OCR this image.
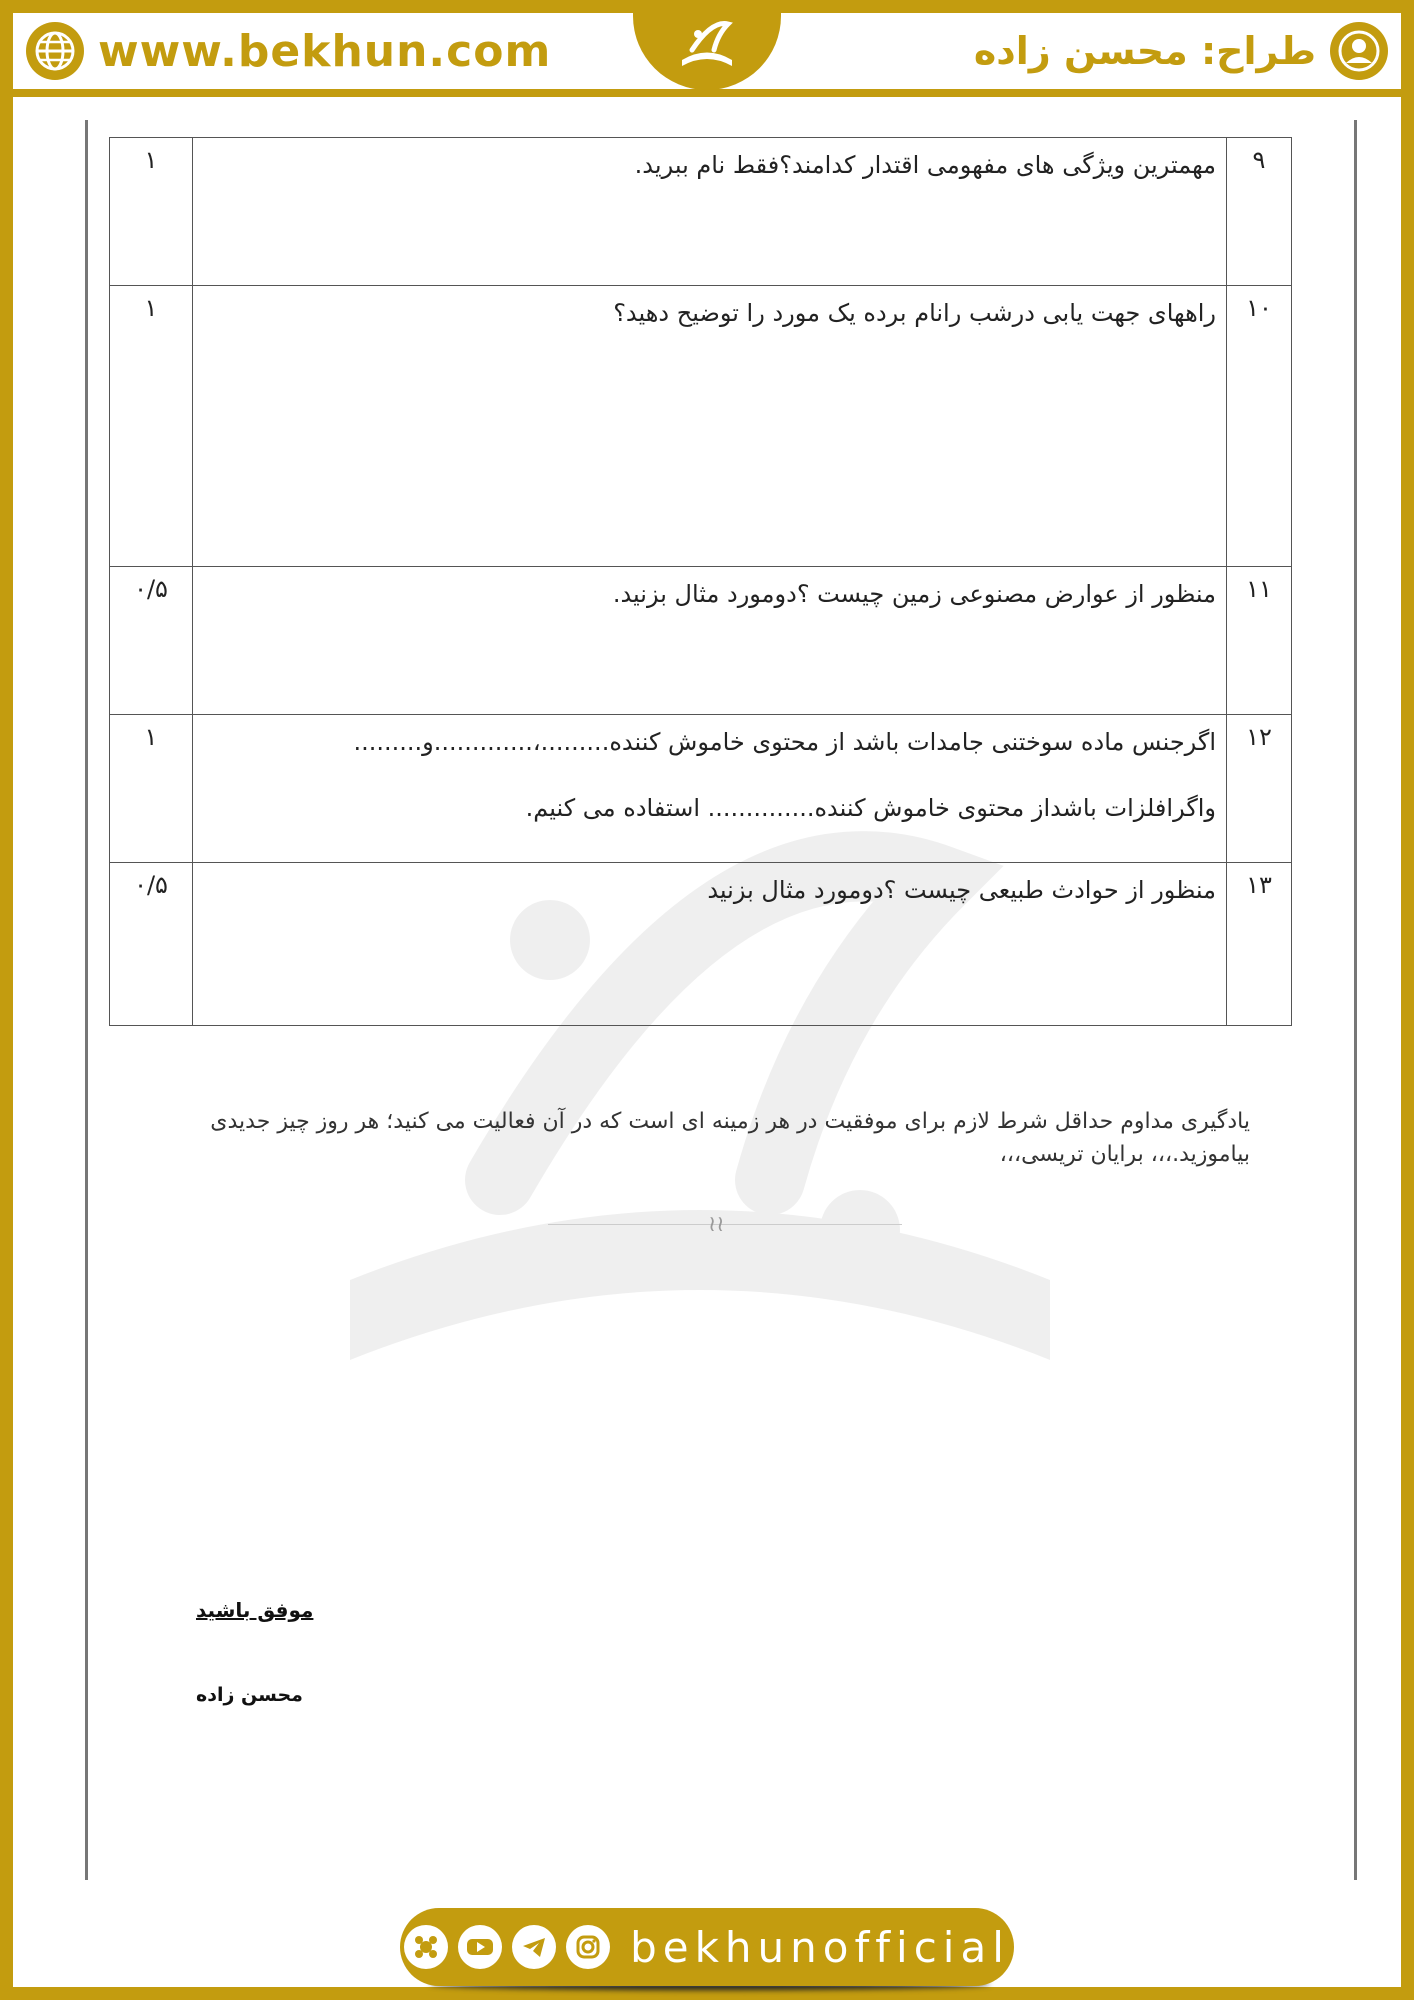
www.bekhun.com	طراح: محسن زاده
۹	مهمترین ویژگی های مفهومی اقتدار کدامند؟فقط نام ببرید.	۱
۱۰	راههای جهت یابی درشب رانام برده یک مورد را توضیح دهید؟	۱
۱۱	منظور از عوارض مصنوعی زمین چیست ؟دومورد مثال بزنید.	۰/۵
۱۲	اگرجنس ماده سوختنی جامدات باشد از محتوی خاموش کننده.........،.............و.........
واگرافلزات باشداز محتوی خاموش کننده.............. استفاده می کنیم.	۱
۱۳	منظور از حوادث طبیعی چیست ؟دومورد مثال بزنید	۰/۵
یادگیری مداوم حداقل شرط لازم برای موفقیت در هر زمینه ای است که در آن فعالیت می کنید؛ هر روز چیز جدیدی بیاموزید.،،، برایان تریسی،،،
≀≀
موفق باشید
محسن زاده
bekhunofficial
